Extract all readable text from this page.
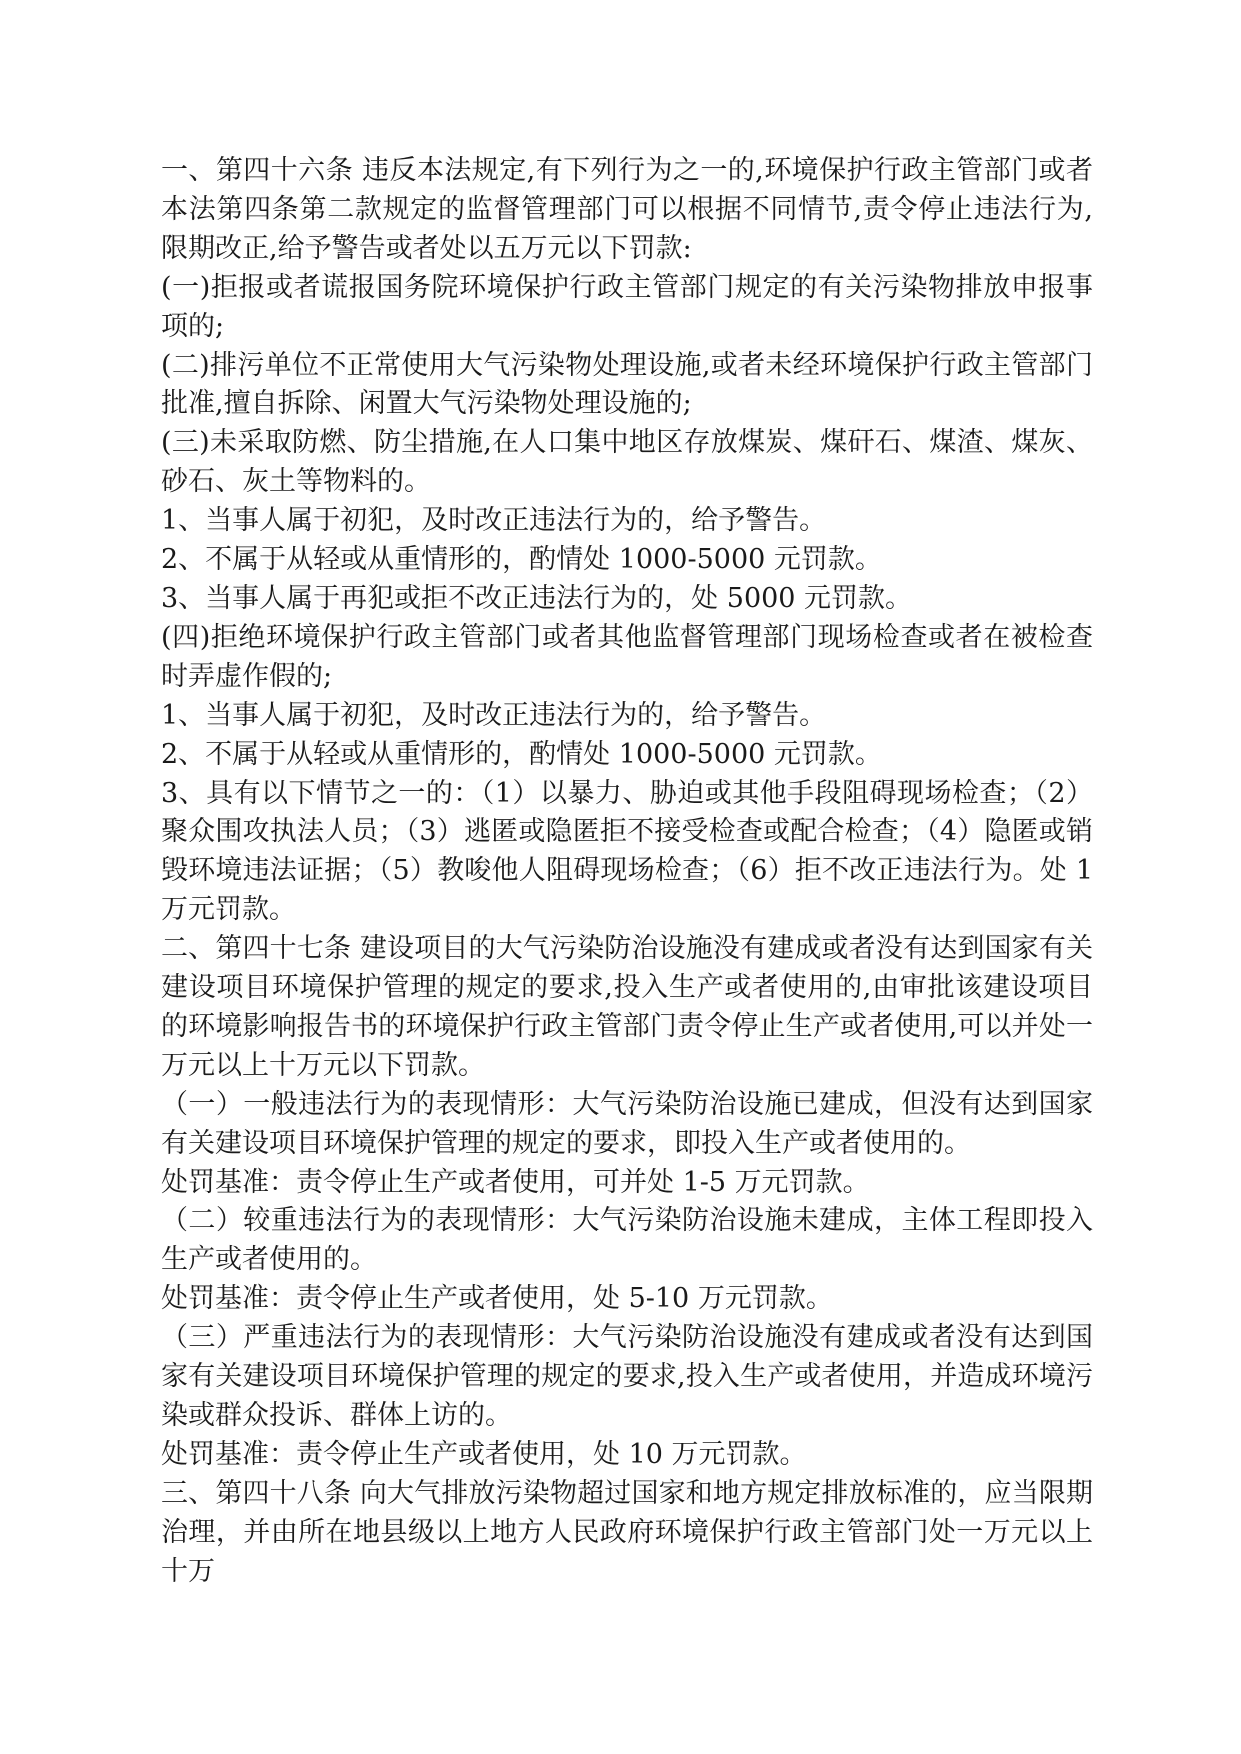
一、第四十六条 违反本法规定,有下列行为之一的,环境保护行政主管部门或者本法第四条第二款规定的监督管理部门可以根据不同情节,责令停止违法行为,限期改正,给予警告或者处以五万元以下罚款:

(一)拒报或者谎报国务院环境保护行政主管部门规定的有关污染物排放申报事项的;

(二)排污单位不正常使用大气污染物处理设施,或者未经环境保护行政主管部门批准,擅自拆除、闲置大气污染物处理设施的;

(三)未采取防燃、防尘措施,在人口集中地区存放煤炭、煤矸石、煤渣、煤灰、砂石、灰土等物料的。

1、当事人属于初犯，及时改正违法行为的，给予警告。

2、不属于从轻或从重情形的，酌情处 1000-5000 元罚款。

3、当事人属于再犯或拒不改正违法行为的，处 5000 元罚款。

(四)拒绝环境保护行政主管部门或者其他监督管理部门现场检查或者在被检查时弄虚作假的;

1、当事人属于初犯，及时改正违法行为的，给予警告。

2、不属于从轻或从重情形的，酌情处 1000-5000 元罚款。

3、具有以下情节之一的：（1）以暴力、胁迫或其他手段阻碍现场检查；（2）聚众围攻执法人员；（3）逃匿或隐匿拒不接受检查或配合检查；（4）隐匿或销毁环境违法证据；（5）教唆他人阻碍现场检查；（6）拒不改正违法行为。处 1 万元罚款。

二、第四十七条 建设项目的大气污染防治设施没有建成或者没有达到国家有关建设项目环境保护管理的规定的要求,投入生产或者使用的,由审批该建设项目的环境影响报告书的环境保护行政主管部门责令停止生产或者使用,可以并处一万元以上十万元以下罚款。

（一）一般违法行为的表现情形：大气污染防治设施已建成，但没有达到国家有关建设项目环境保护管理的规定的要求，即投入生产或者使用的。

处罚基准：责令停止生产或者使用，可并处 1-5 万元罚款。

（二）较重违法行为的表现情形：大气污染防治设施未建成，主体工程即投入生产或者使用的。

处罚基准：责令停止生产或者使用，处 5-10 万元罚款。

（三）严重违法行为的表现情形：大气污染防治设施没有建成或者没有达到国家有关建设项目环境保护管理的规定的要求,投入生产或者使用，并造成环境污染或群众投诉、群体上访的。

处罚基准：责令停止生产或者使用，处 10 万元罚款。

三、第四十八条 向大气排放污染物超过国家和地方规定排放标准的，应当限期治理，并由所在地县级以上地方人民政府环境保护行政主管部门处一万元以上十万
